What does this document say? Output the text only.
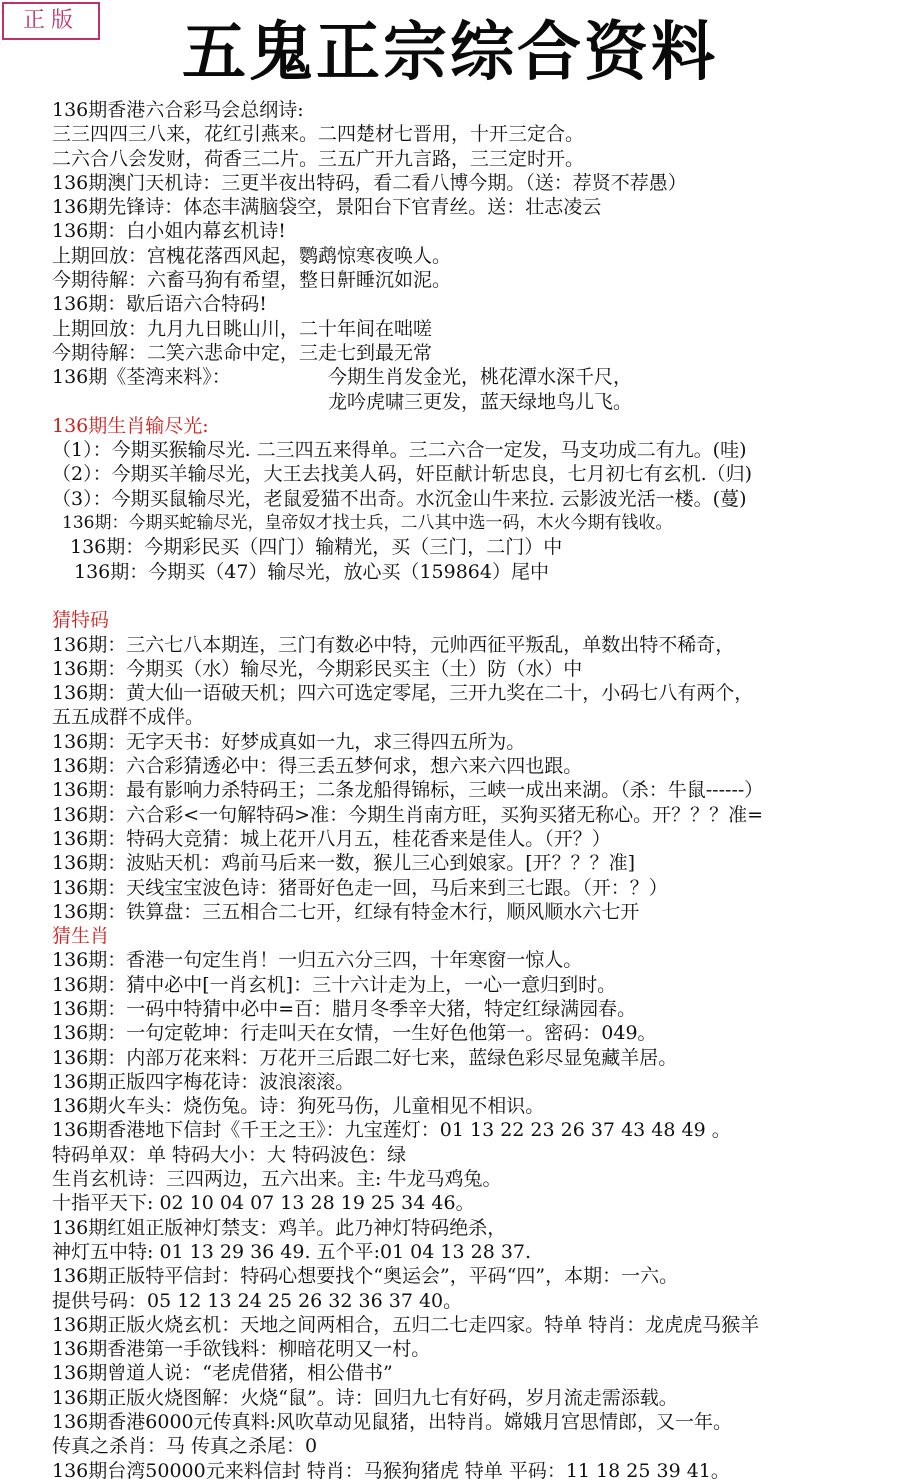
正版	五鬼正宗综合资料
136期香港六合彩马会总纲诗:
三三四四三八来，花红引燕来。二四楚材七晋用，十开三定合。
二六合八会发财，荷香三二片。三五广开九言路，三三定时开。
136期澳门天机诗：三更半夜出特码，看二看八博今期。（送：荐贤不荐愚）
136期先锋诗：体态丰满脑袋空，景阳台下官青丝。送：壮志凌云
136期：白小姐内幕玄机诗!
上期回放：宫槐花落西风起，鹦鹉惊寒夜唤人。
今期待解：六畜马狗有希望，整日鼾睡沉如泥。
136期：歇后语六合特码!
上期回放：九月九日眺山川，二十年间在咄嗟
今期待解：二笑六悲命中定，三走七到最无常
136期《荃湾来料》：	今期生肖发金光，桃花潭水深千尺，
龙吟虎啸三更发，蓝天绿地鸟儿飞。
136期生肖输尽光:
（1）：今期买猴输尽光. 二三四五来得单。三二六合一定发，马支功成二有九。(哇)
（2）：今期买羊输尽光，大王去找美人码，奸臣献计斩忠良，七月初七有玄机.（归)
（3）：今期买鼠输尽光，老鼠爱猫不出奇。水沉金山牛来拉. 云影波光活一楼。(蔓)
136期：今期买蛇输尽光，皇帝奴才找士兵，二八其中选一码，木火今期有钱收。
136期：今期彩民买（四门）输精光，买（三门，二门）中
136期：今期买（47）输尽光，放心买（159864）尾中
猜特码
136期：三六七八本期连，三门有数必中特，元帅西征平叛乱，单数出特不稀奇，
136期：今期买（水）输尽光，今期彩民买主（土）防（水）中
136期：黄大仙一语破天机；四六可选定零尾，三开九奖在二十，小码七八有两个，
五五成群不成伴。
136期：无字天书：好梦成真如一九，求三得四五所为。
136期：六合彩猜透必中：得三丢五梦何求，想六来六四也跟。
136期：最有影响力杀特码王；二条龙船得锦标，三峡一成出来湖。（杀：牛鼠------）
136期：六合彩<一句解特码>准：今期生肖南方旺，买狗买猪无称心。开？？？准=
136期：特码大竞猜：城上花开八月五，桂花香来是佳人。（开？）
136期：波贴天机：鸡前马后来一数，猴儿三心到娘家。[开？？？准]
136期：天线宝宝波色诗：猪哥好色走一回，马后来到三七跟。（开：？）
136期：铁算盘：三五相合二七开，红绿有特金木行，顺风顺水六七开
猜生肖
136期：香港一句定生肖！一归五六分三四，十年寒窗一惊人。
136期：猜中必中[一肖玄机]：三十六计走为上，一心一意归到时。
136期：一码中特猜中必中=百：腊月冬季辛大猪，特定红绿满园春。
136期：一句定乾坤：行走叫天在女情，一生好色他第一。密码：049。
136期：内部万花来料：万花开三后跟二好七来，蓝绿色彩尽显兔藏羊居。
136期正版四字梅花诗：波浪滚滚。
136期火车头：烧伤兔。诗：狗死马伤，儿童相见不相识。
136期香港地下信封《千王之王》：九宝莲灯：01 13 22 23 26 37 43 48 49 。
特码单双：单 特码大小：大 特码波色：绿
生肖玄机诗：三四两边，五六出来。主: 牛龙马鸡兔。
十指平天下: 02 10 04 07 13 28 19 25 34 46。
136期红姐正版神灯禁支：鸡羊。此乃神灯特码绝杀，
神灯五中特: 01 13 29 36 49. 五个平:01 04 13 28 37.
136期正版特平信封：特码心想要找个“奥运会”，平码“四”，本期：一六。
提供号码：05 12 13 24 25 26 32 36 37 40。
136期正版火烧玄机：天地之间两相合，五归二七走四家。特单 特肖：龙虎虎马猴羊
136期香港第一手欲钱料：柳暗花明又一村。
136期曾道人说：“老虎借猪，相公借书”
136期正版火烧图解：火烧“鼠”。诗：回归九七有好码，岁月流走需添载。
136期香港6000元传真料:风吹草动见鼠猪，出特肖。嫦娥月宫思情郎，又一年。
传真之杀肖：马 传真之杀尾：0
136期台湾50000元来料信封 特肖：马猴狗猪虎 特单 平码：11 18 25 39 41。
